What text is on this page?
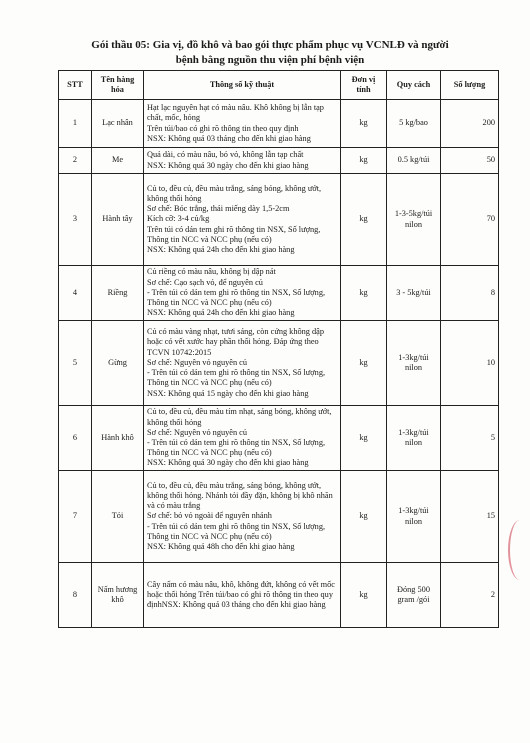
Gói thầu 05: Gia vị, đồ khô và bao gói thực phẩm phục vụ VCNLĐ và người
bệnh bằng nguồn thu viện phí bệnh viện
STT	Tên hàng hóa	Thông số kỹ thuật	Đơn vị tính	Quy cách	Số lượng
1	Lạc nhân	Hạt lạc nguyên hạt có màu nâu. Khô không bị lẫn tạp chất, mốc, hỏng
Trên túi/bao có ghi rõ thông tin theo quy định
NSX: Không quá 03 tháng cho đến khi giao hàng	kg	5 kg/bao	200
2	Me	Quả dài, có màu nâu, bỏ vỏ, không lẫn tạp chất
NSX: Không quá 30 ngày cho đến khi giao hàng	kg	0.5 kg/túi	50
3	Hành tây	Củ to, đều củ, đều màu trắng, sáng bóng, không ướt, không thối hỏng
Sơ chế: Bóc trắng, thái miếng dày 1,5-2cm
Kích cỡ: 3-4 củ/kg
Trên túi có dán tem ghi rõ thông tin NSX, Số lượng, Thông tin NCC và NCC phụ (nếu có)
NSX: Không quá 24h cho đến khi giao hàng	kg	1-3-5kg/túi nilon	70
4	Riềng	Củ riềng có màu nâu, không bị dập nát
Sơ chế: Cạo sạch vỏ, để nguyên củ
- Trên túi có dán tem ghi rõ thông tin NSX, Số lượng, Thông tin NCC và NCC phụ (nếu có)
NSX: Không quá 24h cho đến khi giao hàng	kg	3 - 5kg/túi	8
5	Gừng	Củ có màu vàng nhạt, tươi sáng, còn cứng không dập hoặc có vết xước hay phần thối hỏng. Đáp ứng theo TCVN 10742:2015
Sơ chế: Nguyên vỏ nguyên củ
- Trên túi có dán tem ghi rõ thông tin NSX, Số lượng, Thông tin NCC và NCC phụ (nếu có)
NSX: Không quá 15 ngày cho đến khi giao hàng	kg	1-3kg/túi nilon	10
6	Hành khô	Củ to, đều củ, đều màu tím nhạt, sáng bóng, không ướt, không thối hỏng
Sơ chế: Nguyên vỏ nguyên củ
- Trên túi có dán tem ghi rõ thông tin NSX, Số lượng, Thông tin NCC và NCC phụ (nếu có)
NSX: Không quá 30 ngày cho đến khi giao hàng	kg	1-3kg/túi nilon	5
7	Tỏi	Củ to, đều củ, đều màu trắng, sáng bóng, không ướt, không thối hỏng. Nhánh tỏi đầy đặn, không bị khô nhăn và có màu trắng
Sơ chế: bỏ vỏ ngoài để nguyên nhánh
- Trên túi có dán tem ghi rõ thông tin NSX, Số lượng, Thông tin NCC và NCC phụ (nếu có)
NSX: Không quá 48h cho đến khi giao hàng	kg	1-3kg/túi nilon	15
8	Nấm hương khô	Cây nấm có màu nâu, khô, không đứt, không có vết mốc hoặc thối hỏng Trên túi/bao có ghi rõ thông tin theo quy địnhNSX: Không quá 03 tháng cho đến khi giao hàng	kg	Đóng 500 gram /gói	2
